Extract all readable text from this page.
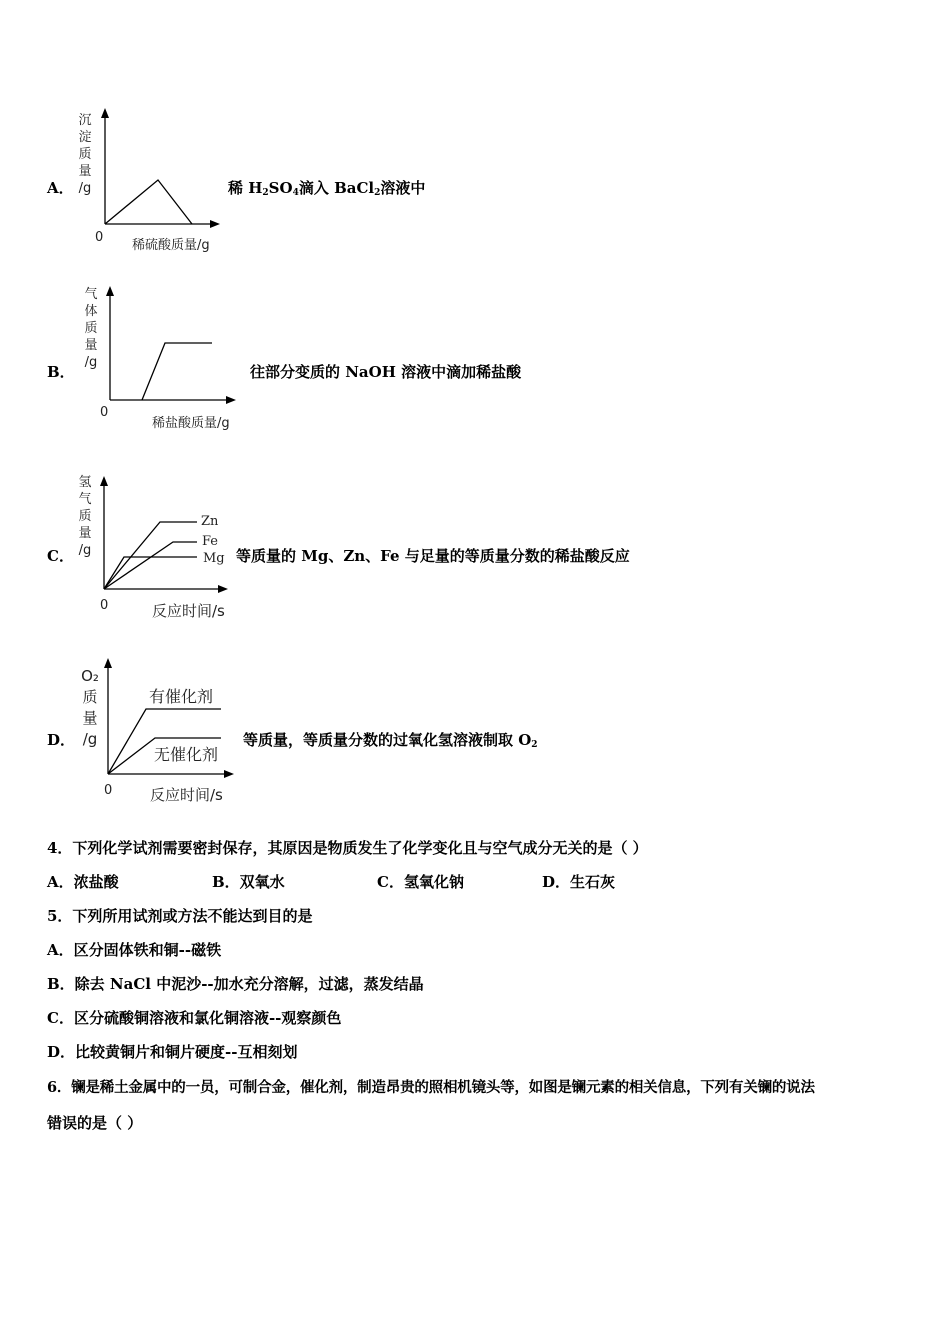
A．
沉
淀
质
量
/g
0
稀硫酸质量/g
稀 $H_2SO_4$滴入 BaCl$_2$溶液中
B．
气
体
质
量
/g
0
稀盐酸质量/g
往部分变质的 NaOH 溶液中滴加稀盐酸
C．
氢
气
质
量
/g
Zn
Fe
Mg
0	反应时间/s
等质量的 Mg、Zn、Fe 与足量的等质量分数的稀盐酸反应
D．
O₂
质
量
/g
有催化剂
无催化剂
0	反应时间/s
等质量，等质量分数的过氧化氢溶液制取 $O_2$
4．下列化学试剂需要密封保存，其原因是物质发生了化学变化且与空气成分无关的是（ ）
A．浓盐酸	B．双氧水	C．氢氧化钠	D．生石灰
5．下列所用试剂或方法不能达到目的是
A．区分固体铁和铜--磁铁
B．除去 NaCl 中泥沙--加水充分溶解，过滤，蒸发结晶
C．区分硫酸铜溶液和氯化铜溶液--观察颜色
D．比较黄铜片和铜片硬度--互相刻划
6．镧是稀土金属中的一员，可制合金，催化剂，制造昂贵的照相机镜头等，如图是镧元素的相关信息，下列有关镧的说法
错误的是（ ）
